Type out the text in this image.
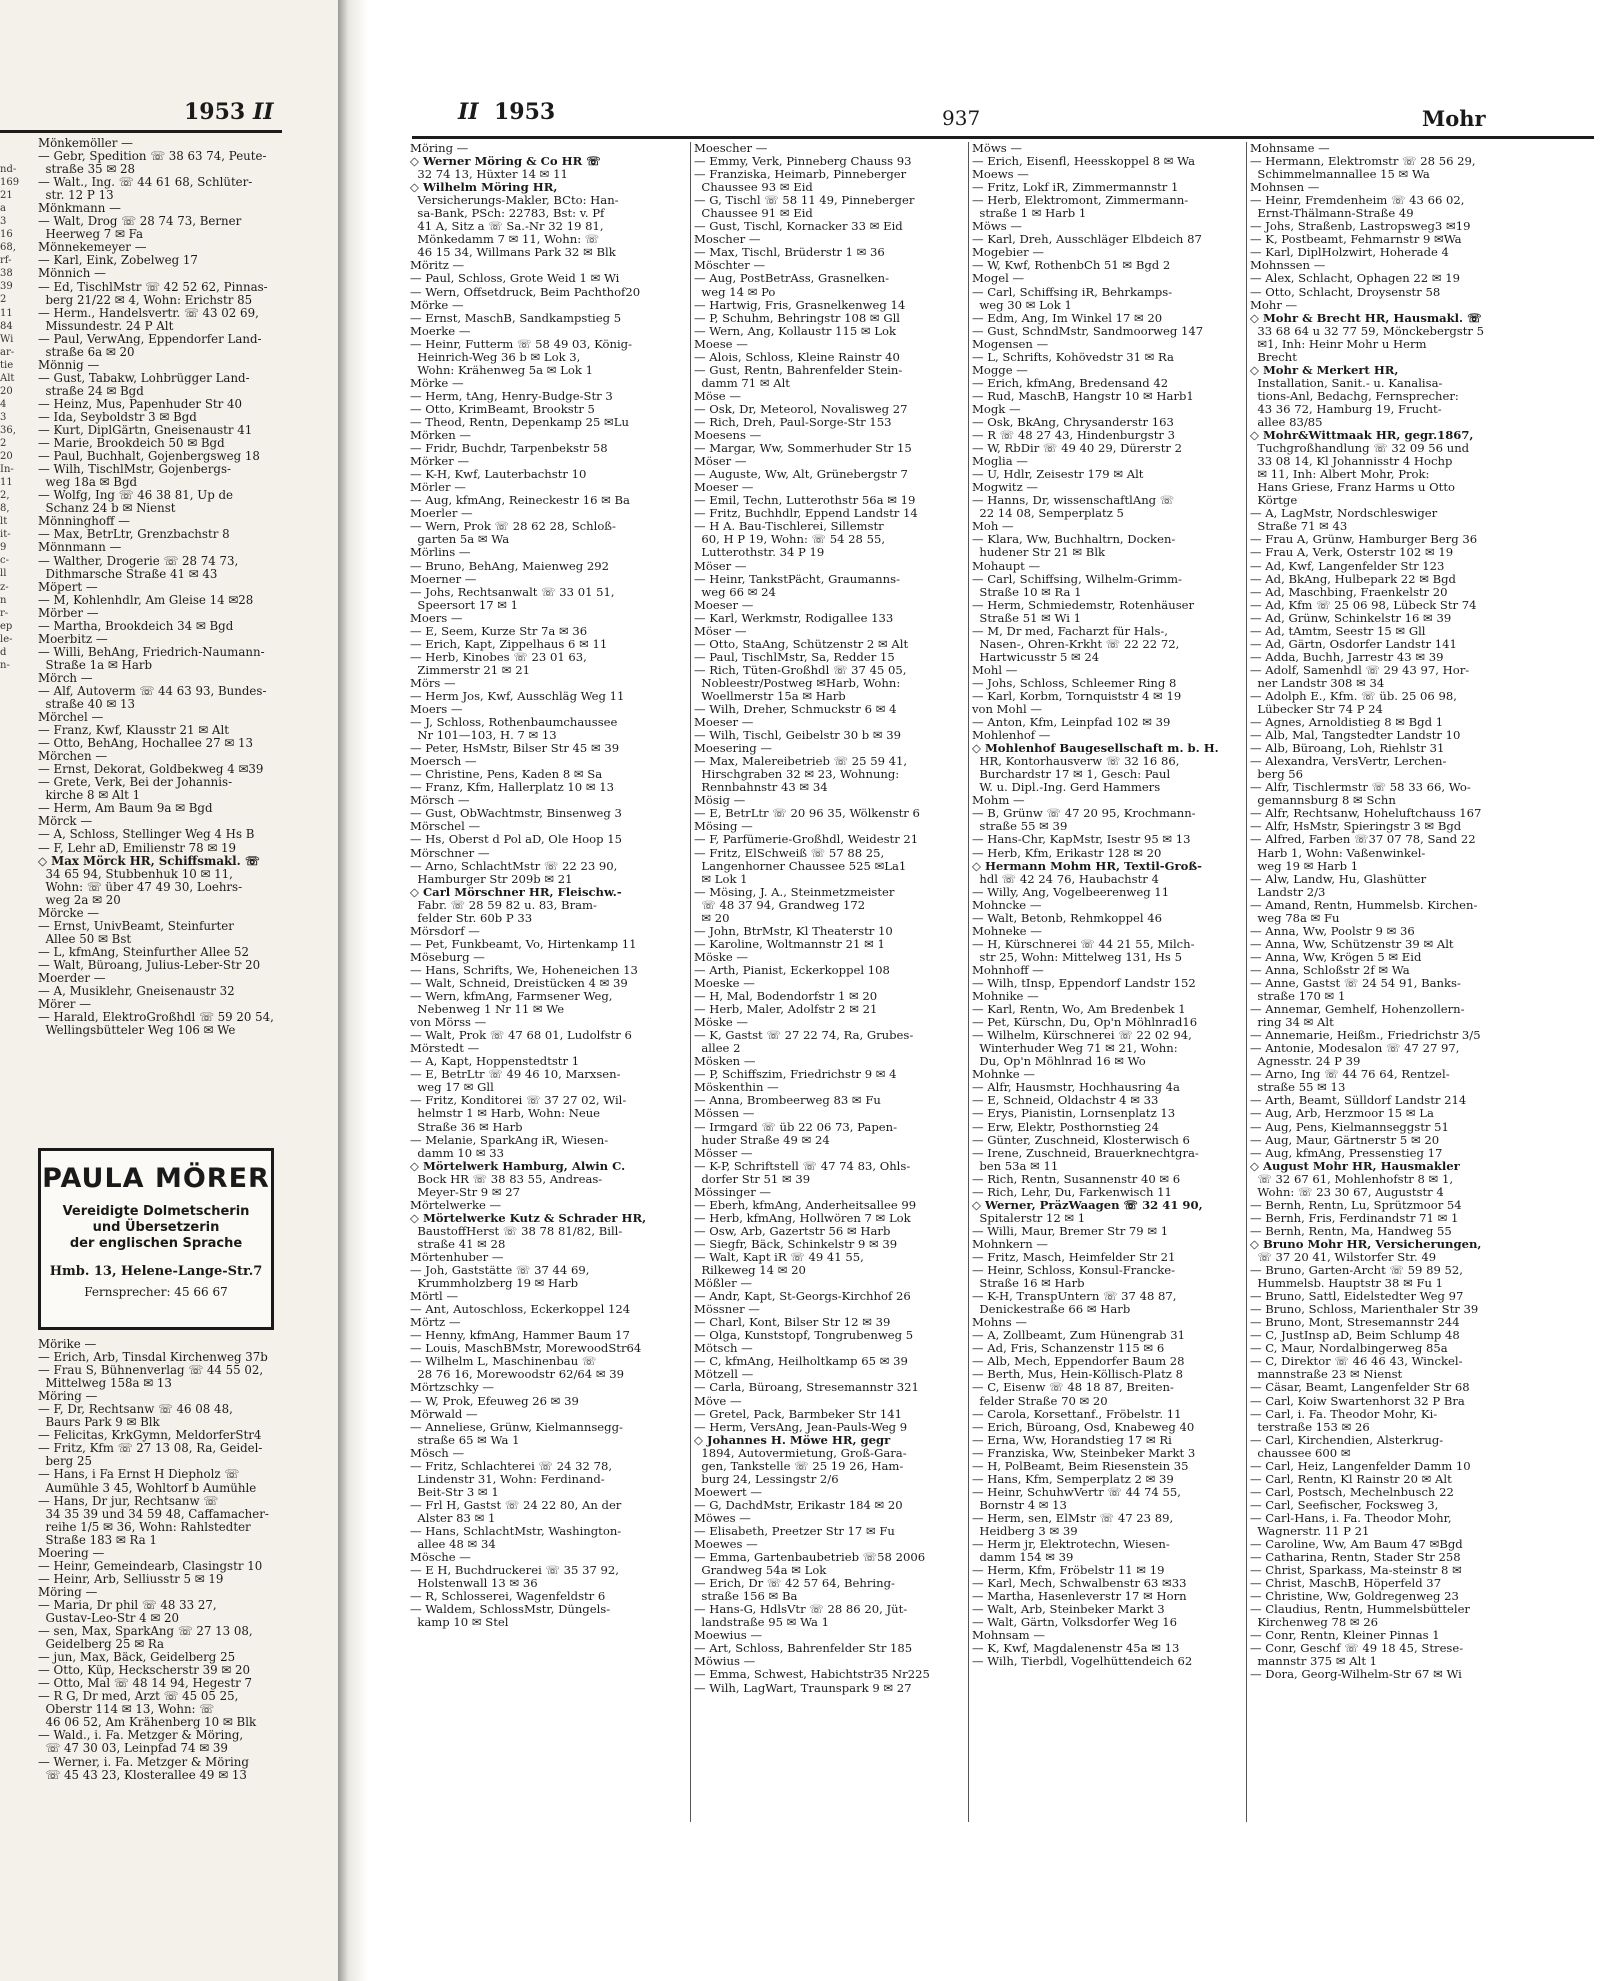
1953 II
Mönkemöller —
— Gebr, Spedition ☏ 38 63 74, Peute-
straße 35 ✉ 28
— Walt., Ing. ☏ 44 61 68, Schlüter-
str. 12 P 13
Mönkmann —
— Walt, Drog ☏ 28 74 73, Berner
Heerweg 7 ✉ Fa
Mönnekemeyer —
— Karl, Eink, Zobelweg 17
Mönnich —
— Ed, TischlMstr ☏ 42 52 62, Pinnas-
berg 21/22 ✉ 4, Wohn: Erichstr 85
— Herm., Handelsvertr. ☏ 43 02 69,
Missundestr. 24 P Alt
— Paul, VerwAng, Eppendorfer Land-
straße 6a ✉ 20
Mönnig —
— Gust, Tabakw, Lohbrügger Land-
straße 24 ✉ Bgd
— Heinz, Mus, Papenhuder Str 40
— Ida, Seyboldstr 3 ✉ Bgd
— Kurt, DiplGärtn, Gneisenaustr 41
— Marie, Brookdeich 50 ✉ Bgd
— Paul, Buchhalt, Gojenbergsweg 18
— Wilh, TischlMstr, Gojenbergs-
weg 18a ✉ Bgd
— Wolfg, Ing ☏ 46 38 81, Up de
Schanz 24 b ✉ Nienst
Mönninghoff —
— Max, BetrLtr, Grenzbachstr 8
Mönnmann —
— Walther, Drogerie ☏ 28 74 73,
Dithmarsche Straße 41 ✉ 43
Möpert —
— M, Kohlenhdlr, Am Gleise 14 ✉28
Mörber —
— Martha, Brookdeich 34 ✉ Bgd
Moerbitz —
— Willi, BehAng, Friedrich-Naumann-
Straße 1a ✉ Harb
Mörch —
— Alf, Autoverm ☏ 44 63 93, Bundes-
straße 40 ✉ 13
Mörchel —
— Franz, Kwf, Klausstr 21 ✉ Alt
— Otto, BehAng, Hochallee 27 ✉ 13
Mörchen —
— Ernst, Dekorat, Goldbekweg 4 ✉39
— Grete, Verk, Bei der Johannis-
kirche 8 ✉ Alt 1
— Herm, Am Baum 9a ✉ Bgd
Mörck —
— A, Schloss, Stellinger Weg 4 Hs B
— F, Lehr aD, Emilienstr 78 ✉ 19
◇ Max Mörck HR, Schiffsmakl. ☏
34 65 94, Stubbenhuk 10 ✉ 11,
Wohn: ☏ über 47 49 30, Loehrs-
weg 2a ✉ 20
Mörcke —
— Ernst, UnivBeamt, Steinfurter
Allee 50 ✉ Bst
— L, kfmAng, Steinfurther Allee 52
— Walt, Büroang, Julius-Leber-Str 20
Moerder —
— A, Musiklehr, Gneisenaustr 32
Mörer —
— Harald, ElektroGroßhdl ☏ 59 20 54,
Wellingsbütteler Weg 106 ✉ We
PAULA MÖRER
Vereidigte Dolmetscherin
und Übersetzerin
der englischen Sprache
Hmb. 13, Helene-Lange-Str.7
Fernsprecher: 45 66 67
Mörike —
— Erich, Arb, Tinsdal Kirchenweg 37b
— Frau S, Bühnenverlag ☏ 44 55 02,
Mittelweg 158a ✉ 13
Möring —
— F, Dr, Rechtsanw ☏ 46 08 48,
Baurs Park 9 ✉ Blk
— Felicitas, KrkGymn, MeldorferStr4
— Fritz, Kfm ☏ 27 13 08, Ra, Geidel-
berg 25
— Hans, i Fa Ernst H Diepholz ☏
Aumühle 3 45, Wohltorf b Aumühle
— Hans, Dr jur, Rechtsanw ☏
34 35 39 und 34 59 48, Caffamacher-
reihe 1/5 ✉ 36, Wohn: Rahlstedter
Straße 183 ✉ Ra 1
Moering —
— Heinr, Gemeindearb, Clasingstr 10
— Heinr, Arb, Selliusstr 5 ✉ 19
Möring —
— Maria, Dr phil ☏ 48 33 27,
Gustav-Leo-Str 4 ✉ 20
— sen, Max, SparkAng ☏ 27 13 08,
Geidelberg 25 ✉ Ra
— jun, Max, Bäck, Geidelberg 25
— Otto, Küp, Heckscherstr 39 ✉ 20
— Otto, Mal ☏ 48 14 94, Hegestr 7
— R G, Dr med, Arzt ☏ 45 05 25,
Oberstr 114 ✉ 13, Wohn: ☏
46 06 52, Am Krähenberg 10 ✉ Blk
— Wald., i. Fa. Metzger & Möring,
☏ 47 30 03, Leinpfad 74 ✉ 39
— Werner, i. Fa. Metzger & Möring
☏ 45 43 23, Klosterallee 49 ✉ 13
nd-
169
21
a
3
16
68,
rf-
38
39
2
11
84
Wi
ar-
tie
Alt
20
4
3
36,
2
20
In-
11
2,
8,
lt
it-
9
c-
ll
z-
n
r-
ep
le-
d
n-
II 1953	937	Mohr
Möring —
◇ Werner Möring & Co HR ☏
32 74 13, Hüxter 14 ✉ 11
◇ Wilhelm Möring HR,
Versicherungs-Makler, BCto: Han-
sa-Bank, PSch: 22783, Bst: v. Pf
41 A, Sitz a ☏ Sa.-Nr 32 19 81,
Mönkedamm 7 ✉ 11, Wohn: ☏
46 15 34, Willmans Park 32 ✉ Blk
Möritz —
— Paul, Schloss, Grote Weid 1 ✉ Wi
— Wern, Offsetdruck, Beim Pachthof20
Mörke —
— Ernst, MaschB, Sandkampstieg 5
Moerke —
— Heinr, Futterm ☏ 58 49 03, König-
Heinrich-Weg 36 b ✉ Lok 3,
Wohn: Krähenweg 5a ✉ Lok 1
Mörke —
— Herm, tAng, Henry-Budge-Str 3
— Otto, KrimBeamt, Brookstr 5
— Theod, Rentn, Depenkamp 25 ✉Lu
Mörken —
— Fridr, Buchdr, Tarpenbekstr 58
Mörker —
— K-H, Kwf, Lauterbachstr 10
Mörler —
— Aug, kfmAng, Reineckestr 16 ✉ Ba
Moerler —
— Wern, Prok ☏ 28 62 28, Schloß-
garten 5a ✉ Wa
Mörlins —
— Bruno, BehAng, Maienweg 292
Moerner —
— Johs, Rechtsanwalt ☏ 33 01 51,
Speersort 17 ✉ 1
Moers —
— E, Seem, Kurze Str 7a ✉ 36
— Erich, Kapt, Zippelhaus 6 ✉ 11
— Herb, Kinobes ☏ 23 01 63,
Zimmerstr 21 ✉ 21
Mörs —
— Herm Jos, Kwf, Ausschläg Weg 11
Moers —
— J, Schloss, Rothenbaumchaussee
Nr 101—103, H. 7 ✉ 13
— Peter, HsMstr, Bilser Str 45 ✉ 39
Moersch —
— Christine, Pens, Kaden 8 ✉ Sa
— Franz, Kfm, Hallerplatz 10 ✉ 13
Mörsch —
— Gust, ObWachtmstr, Binsenweg 3
Mörschel —
— Hs, Oberst d Pol aD, Ole Hoop 15
Mörschner —
— Arno, SchlachtMstr ☏ 22 23 90,
Hamburger Str 209b ✉ 21
◇ Carl Mörschner HR, Fleischw.-
Fabr. ☏ 28 59 82 u. 83, Bram-
felder Str. 60b P 33
Mörsdorf —
— Pet, Funkbeamt, Vo, Hirtenkamp 11
Möseburg —
— Hans, Schrifts, We, Hoheneichen 13
— Walt, Schneid, Dreistücken 4 ✉ 39
— Wern, kfmAng, Farmsener Weg,
Nebenweg 1 Nr 11 ✉ We
von Mörss —
— Walt, Prok ☏ 47 68 01, Ludolfstr 6
Mörstedt —
— A, Kapt, Hoppenstedtstr 1
— E, BetrLtr ☏ 49 46 10, Marxsen-
weg 17 ✉ Gll
— Fritz, Konditorei ☏ 37 27 02, Wil-
helmstr 1 ✉ Harb, Wohn: Neue
Straße 36 ✉ Harb
— Melanie, SparkAng iR, Wiesen-
damm 10 ✉ 33
◇ Mörtelwerk Hamburg, Alwin C.
Bock HR ☏ 38 83 55, Andreas-
Meyer-Str 9 ✉ 27
Mörtelwerke —
◇ Mörtelwerke Kutz & Schrader HR,
BaustoffHerst ☏ 38 78 81/82, Bill-
straße 41 ✉ 28
Mörtenhuber —
— Joh, Gaststätte ☏ 37 44 69,
Krummholzberg 19 ✉ Harb
Mörtl —
— Ant, Autoschloss, Eckerkoppel 124
Mörtz —
— Henny, kfmAng, Hammer Baum 17
— Louis, MaschBMstr, MorewoodStr64
— Wilhelm L, Maschinenbau ☏
28 76 16, Morewoodstr 62/64 ✉ 39
Mörtzschky —
— W, Prok, Efeuweg 26 ✉ 39
Mörwald —
— Anneliese, Grünw, Kielmannsegg-
straße 65 ✉ Wa 1
Mösch —
— Fritz, Schlachterei ☏ 24 32 78,
Lindenstr 31, Wohn: Ferdinand-
Beit-Str 3 ✉ 1
— Frl H, Gastst ☏ 24 22 80, An der
Alster 83 ✉ 1
— Hans, SchlachtMstr, Washington-
allee 48 ✉ 34
Mösche —
— E H, Buchdruckerei ☏ 35 37 92,
Holstenwall 13 ✉ 36
— R, Schlosserei, Wagenfeldstr 6
— Waldem, SchlossMstr, Düngels-
kamp 10 ✉ Stel
Moescher —
— Emmy, Verk, Pinneberg Chauss 93
— Franziska, Heimarb, Pinneberger
Chaussee 93 ✉ Eid
— G, Tischl ☏ 58 11 49, Pinneberger
Chaussee 91 ✉ Eid
— Gust, Tischl, Kornacker 33 ✉ Eid
Moscher —
— Max, Tischl, Brüderstr 1 ✉ 36
Möschter —
— Aug, PostBetrAss, Grasnelken-
weg 14 ✉ Po
— Hartwig, Fris, Grasnelkenweg 14
— P, Schuhm, Behringstr 108 ✉ Gll
— Wern, Ang, Kollaustr 115 ✉ Lok
Moese —
— Alois, Schloss, Kleine Rainstr 40
— Gust, Rentn, Bahrenfelder Stein-
damm 71 ✉ Alt
Möse —
— Osk, Dr, Meteorol, Novalisweg 27
— Rich, Dreh, Paul-Sorge-Str 153
Moesens —
— Margar, Ww, Sommerhuder Str 15
Möser —
— Auguste, Ww, Alt, Grünebergstr 7
Moeser —
— Emil, Techn, Lutterothstr 56a ✉ 19
— Fritz, Buchhdlr, Eppend Landstr 14
— H A. Bau-Tischlerei, Sillemstr
60, H P 19, Wohn: ☏ 54 28 55,
Lutterothstr. 34 P 19
Möser —
— Heinr, TankstPächt, Graumanns-
weg 66 ✉ 24
Moeser —
— Karl, Werkmstr, Rodigallee 133
Möser —
— Otto, StaAng, Schützenstr 2 ✉ Alt
— Paul, TischlMstr, Sa, Redder 15
— Rich, Tüten-Großhdl ☏ 37 45 05,
Nobleestr/Postweg ✉Harb, Wohn:
Woellmerstr 15a ✉ Harb
— Wilh, Dreher, Schmuckstr 6 ✉ 4
Moeser —
— Wilh, Tischl, Geibelstr 30 b ✉ 39
Moesering —
— Max, Malereibetrieb ☏ 25 59 41,
Hirschgraben 32 ✉ 23, Wohnung:
Rennbahnstr 43 ✉ 34
Mösig —
— E, BetrLtr ☏ 20 96 35, Wölkenstr 6
Mösing —
— F, Parfümerie-Großhdl, Weidestr 21
— Fritz, ElSchweiß ☏ 57 88 25,
Langenhorner Chaussee 525 ✉La1
✉ Lok 1
— Mösing, J. A., Steinmetzmeister
☏ 48 37 94, Grandweg 172
✉ 20
— John, BtrMstr, Kl Theaterstr 10
— Karoline, Woltmannstr 21 ✉ 1
Möske —
— Arth, Pianist, Eckerkoppel 108
Moeske —
— H, Mal, Bodendorfstr 1 ✉ 20
— Herb, Maler, Adolfstr 2 ✉ 21
Möske —
— K, Gastst ☏ 27 22 74, Ra, Grubes-
allee 2
Mösken —
— P, Schiffszim, Friedrichstr 9 ✉ 4
Möskenthin —
— Anna, Brombeerweg 83 ✉ Fu
Mössen —
— Irmgard ☏ üb 22 06 73, Papen-
huder Straße 49 ✉ 24
Mösser —
— K-P, Schriftstell ☏ 47 74 83, Ohls-
dorfer Str 51 ✉ 39
Mössinger —
— Eberh, kfmAng, Anderheitsallee 99
— Herb, kfmAng, Hollwören 7 ✉ Lok
— Osw, Arb, Gazertstr 56 ✉ Harb
— Siegfr, Bäck, Schinkelstr 9 ✉ 39
— Walt, Kapt iR ☏ 49 41 55,
Rilkeweg 14 ✉ 20
Mößler —
— Andr, Kapt, St-Georgs-Kirchhof 26
Mössner —
— Charl, Kont, Bilser Str 12 ✉ 39
— Olga, Kunststopf, Tongrubenweg 5
Mötsch —
— C, kfmAng, Heilholtkamp 65 ✉ 39
Mötzell —
— Carla, Büroang, Stresemannstr 321
Möve —
— Gretel, Pack, Barmbeker Str 141
— Herm, VersAng, Jean-Pauls-Weg 9
◇ Johannes H. Möwe HR, gegr
1894, Autovermietung, Groß-Gara-
gen, Tankstelle ☏ 25 19 26, Ham-
burg 24, Lessingstr 2/6
Moewert —
— G, DachdMstr, Erikastr 184 ✉ 20
Möwes —
— Elisabeth, Preetzer Str 17 ✉ Fu
Moewes —
— Emma, Gartenbaubetrieb ☏58 2006
Grandweg 54a ✉ Lok
— Erich, Dr ☏ 42 57 64, Behring-
straße 156 ✉ Ba
— Hans-G, HdlsVtr ☏ 28 86 20, Jüt-
landstraße 95 ✉ Wa 1
Moewius —
— Art, Schloss, Bahrenfelder Str 185
Möwius —
— Emma, Schwest, Habichtstr35 Nr225
— Wilh, LagWart, Traunspark 9 ✉ 27
Möws —
— Erich, Eisenfl, Heesskoppel 8 ✉ Wa
Moews —
— Fritz, Lokf iR, Zimmermannstr 1
— Herb, Elektromont, Zimmermann-
straße 1 ✉ Harb 1
Möws —
— Karl, Dreh, Ausschläger Elbdeich 87
Mogebier —
— W, Kwf, RothenbCh 51 ✉ Bgd 2
Mogel —
— Carl, Schiffsing iR, Behrkamps-
weg 30 ✉ Lok 1
— Edm, Ang, Im Winkel 17 ✉ 20
— Gust, SchndMstr, Sandmoorweg 147
Mogensen —
— L, Schrifts, Kohövedstr 31 ✉ Ra
Mogge —
— Erich, kfmAng, Bredensand 42
— Rud, MaschB, Hangstr 10 ✉ Harb1
Mogk —
— Osk, BkAng, Chrysanderstr 163
— R ☏ 48 27 43, Hindenburgstr 3
— W, RbDir ☏ 49 40 29, Dürerstr 2
Moglia —
— U, Hdlr, Zeisestr 179 ✉ Alt
Mogwitz —
— Hanns, Dr, wissenschaftlAng ☏
22 14 08, Semperplatz 5
Moh —
— Klara, Ww, Buchhaltrn, Docken-
hudener Str 21 ✉ Blk
Mohaupt —
— Carl, Schiffsing, Wilhelm-Grimm-
Straße 10 ✉ Ra 1
— Herm, Schmiedemstr, Rotenhäuser
Straße 51 ✉ Wi 1
— M, Dr med, Facharzt für Hals-,
Nasen-, Ohren-Krkht ☏ 22 22 72,
Hartwicusstr 5 ✉ 24
Mohl —
— Johs, Schloss, Schleemer Ring 8
— Karl, Korbm, Tornquiststr 4 ✉ 19
von Mohl —
— Anton, Kfm, Leinpfad 102 ✉ 39
Mohlenhof —
◇ Mohlenhof Baugesellschaft m. b. H.
HR, Kontorhausverw ☏ 32 16 86,
Burchardstr 17 ✉ 1, Gesch: Paul
W. u. Dipl.-Ing. Gerd Hammers
Mohm —
— B, Grünw ☏ 47 20 95, Krochmann-
straße 55 ✉ 39
— Hans-Chr, KapMstr, Isestr 95 ✉ 13
— Herb, Kfm, Erikastr 128 ✉ 20
◇ Hermann Mohm HR, Textil-Groß-
hdl ☏ 42 24 76, Haubachstr 4
— Willy, Ang, Vogelbeerenweg 11
Mohncke —
— Walt, Betonb, Rehmkoppel 46
Mohneke —
— H, Kürschnerei ☏ 44 21 55, Milch-
str 25, Wohn: Mittelweg 131, Hs 5
Mohnhoff —
— Wilh, tInsp, Eppendorf Landstr 152
Mohnike —
— Karl, Rentn, Wo, Am Bredenbek 1
— Pet, Kürschn, Du, Op'n Möhlnrad16
— Wilhelm, Kürschnerei ☏ 22 02 94,
Winterhuder Weg 71 ✉ 21, Wohn:
Du, Op'n Möhlnrad 16 ✉ Wo
Mohnke —
— Alfr, Hausmstr, Hochhausring 4a
— E, Schneid, Oldachstr 4 ✉ 33
— Erys, Pianistin, Lornsenplatz 13
— Erw, Elektr, Posthornstieg 24
— Günter, Zuschneid, Klosterwisch 6
— Irene, Zuschneid, Brauerknechtgra-
ben 53a ✉ 11
— Rich, Rentn, Susannenstr 40 ✉ 6
— Rich, Lehr, Du, Farkenwisch 11
◇ Werner, PräzWaagen ☏ 32 41 90,
Spitalerstr 12 ✉ 1
— Willi, Maur, Bremer Str 79 ✉ 1
Mohnkern —
— Fritz, Masch, Heimfelder Str 21
— Heinr, Schloss, Konsul-Francke-
Straße 16 ✉ Harb
— K-H, TranspUntern ☏ 37 48 87,
Denickestraße 66 ✉ Harb
Mohns —
— A, Zollbeamt, Zum Hünengrab 31
— Ad, Fris, Schanzenstr 115 ✉ 6
— Alb, Mech, Eppendorfer Baum 28
— Berth, Mus, Hein-Köllisch-Platz 8
— C, Eisenw ☏ 48 18 87, Breiten-
felder Straße 70 ✉ 20
— Carola, Korsettanf., Fröbelstr. 11
— Erich, Büroang, Osd, Knabeweg 40
— Erna, Ww, Horandstieg 17 ✉ Ri
— Franziska, Ww, Steinbeker Markt 3
— H, PolBeamt, Beim Riesenstein 35
— Hans, Kfm, Semperplatz 2 ✉ 39
— Heinr, SchuhwVertr ☏ 44 74 55,
Bornstr 4 ✉ 13
— Herm, sen, ElMstr ☏ 47 23 89,
Heidberg 3 ✉ 39
— Herm jr, Elektrotechn, Wiesen-
damm 154 ✉ 39
— Herm, Kfm, Fröbelstr 11 ✉ 19
— Karl, Mech, Schwalbenstr 63 ✉33
— Martha, Hasenleverstr 17 ✉ Horn
— Walt, Arb, Steinbeker Markt 3
— Walt, Gärtn, Volksdorfer Weg 16
Mohnsam —
— K, Kwf, Magdalenenstr 45a ✉ 13
— Wilh, Tierbdl, Vogelhüttendeich 62
Mohnsame —
— Hermann, Elektromstr ☏ 28 56 29,
Schimmelmannallee 15 ✉ Wa
Mohnsen —
— Heinr, Fremdenheim ☏ 43 66 02,
Ernst-Thälmann-Straße 49
— Johs, Straßenb, Lastropsweg3 ✉19
— K, Postbeamt, Fehmarnstr 9 ✉Wa
— Karl, DiplHolzwirt, Hoherade 4
Mohnssen —
— Alex, Schlacht, Ophagen 22 ✉ 19
— Otto, Schlacht, Droysenstr 58
Mohr —
◇ Mohr & Brecht HR, Hausmakl. ☏
33 68 64 u 32 77 59, Mönckebergstr 5
✉1, Inh: Heinr Mohr u Herm
Brecht
◇ Mohr & Merkert HR,
Installation, Sanit.- u. Kanalisa-
tions-Anl, Bedachg, Fernsprecher:
43 36 72, Hamburg 19, Frucht-
allee 83/85
◇ Mohr&Wittmaak HR, gegr.1867,
Tuchgroßhandlung ☏ 32 09 56 und
33 08 14, Kl Johannisstr 4 Hochp
✉ 11, Inh: Albert Mohr, Prok:
Hans Griese, Franz Harms u Otto
Körtge
— A, LagMstr, Nordschleswiger
Straße 71 ✉ 43
— Frau A, Grünw, Hamburger Berg 36
— Frau A, Verk, Osterstr 102 ✉ 19
— Ad, Kwf, Langenfelder Str 123
— Ad, BkAng, Hulbepark 22 ✉ Bgd
— Ad, Maschbing, Fraenkelstr 20
— Ad, Kfm ☏ 25 06 98, Lübeck Str 74
— Ad, Grünw, Schinkelstr 16 ✉ 39
— Ad, tAmtm, Seestr 15 ✉ Gll
— Ad, Gärtn, Osdorfer Landstr 141
— Adda, Buchh, Jarrestr 43 ✉ 39
— Adolf, Samenhdl ☏ 29 43 97, Hor-
ner Landstr 308 ✉ 34
— Adolph E., Kfm. ☏ üb. 25 06 98,
Lübecker Str 74 P 24
— Agnes, Arnoldistieg 8 ✉ Bgd 1
— Alb, Mal, Tangstedter Landstr 10
— Alb, Büroang, Loh, Riehlstr 31
— Alexandra, VersVertr, Lerchen-
berg 56
— Alfr, Tischlermstr ☏ 58 33 66, Wo-
gemannsburg 8 ✉ Schn
— Alfr, Rechtsanw, Hoheluftchauss 167
— Alfr, HsMstr, Spieringstr 3 ✉ Bgd
— Alfred, Farben ☏37 07 78, Sand 22
Harb 1, Wohn: Vaßenwinkel-
weg 19 ✉ Harb 1
— Alw, Landw, Hu, Glashütter
Landstr 2/3
— Amand, Rentn, Hummelsb. Kirchen-
weg 78a ✉ Fu
— Anna, Ww, Poolstr 9 ✉ 36
— Anna, Ww, Schützenstr 39 ✉ Alt
— Anna, Ww, Krögen 5 ✉ Eid
— Anna, Schloßstr 2f ✉ Wa
— Anne, Gastst ☏ 24 54 91, Banks-
straße 170 ✉ 1
— Annemar, Gemhelf, Hohenzollern-
ring 34 ✉ Alt
— Annemarie, Heißm., Friedrichstr 3/5
— Antonie, Modesalon ☏ 47 27 97,
Agnesstr. 24 P 39
— Arno, Ing ☏ 44 76 64, Rentzel-
straße 55 ✉ 13
— Arth, Beamt, Sülldorf Landstr 214
— Aug, Arb, Herzmoor 15 ✉ La
— Aug, Pens, Kielmannseggstr 51
— Aug, Maur, Gärtnerstr 5 ✉ 20
— Aug, kfmAng, Pressenstieg 17
◇ August Mohr HR, Hausmakler
☏ 32 67 61, Mohlenhofstr 8 ✉ 1,
Wohn: ☏ 23 30 67, Auguststr 4
— Bernh, Rentn, Lu, Sprützmoor 54
— Bernh, Fris, Ferdinandstr 71 ✉ 1
— Bernh, Rentn, Ma, Handweg 55
◇ Bruno Mohr HR, Versicherungen,
☏ 37 20 41, Wilstorfer Str. 49
— Bruno, Garten-Archt ☏ 59 89 52,
Hummelsb. Hauptstr 38 ✉ Fu 1
— Bruno, Sattl, Eidelstedter Weg 97
— Bruno, Schloss, Marienthaler Str 39
— Bruno, Mont, Stresemannstr 244
— C, JustInsp aD, Beim Schlump 48
— C, Maur, Nordalbingerweg 85a
— C, Direktor ☏ 46 46 43, Winckel-
mannstraße 23 ✉ Nienst
— Cäsar, Beamt, Langenfelder Str 68
— Carl, Koiw Swartenhorst 32 P Bra
— Carl, i. Fa. Theodor Mohr, Ki-
terstraße 153 ✉ 26
— Carl, Kirchendien, Alsterkrug-
chaussee 600 ✉
— Carl, Heiz, Langenfelder Damm 10
— Carl, Rentn, Kl Rainstr 20 ✉ Alt
— Carl, Postsch, Mechelnbusch 22
— Carl, Seefischer, Focksweg 3,
— Carl-Hans, i. Fa. Theodor Mohr,
Wagnerstr. 11 P 21
— Caroline, Ww, Am Baum 47 ✉Bgd
— Catharina, Rentn, Stader Str 258
— Christ, Sparkass, Ma-steinstr 8 ✉
— Christ, MaschB, Höperfeld 37
— Christine, Ww, Goldregenweg 23
— Claudius, Rentn, Hummelsbütteler
Kirchenweg 78 ✉ 26
— Conr, Rentn, Kleiner Pinnas 1
— Conr, Geschf ☏ 49 18 45, Strese-
mannstr 375 ✉ Alt 1
— Dora, Georg-Wilhelm-Str 67 ✉ Wi
